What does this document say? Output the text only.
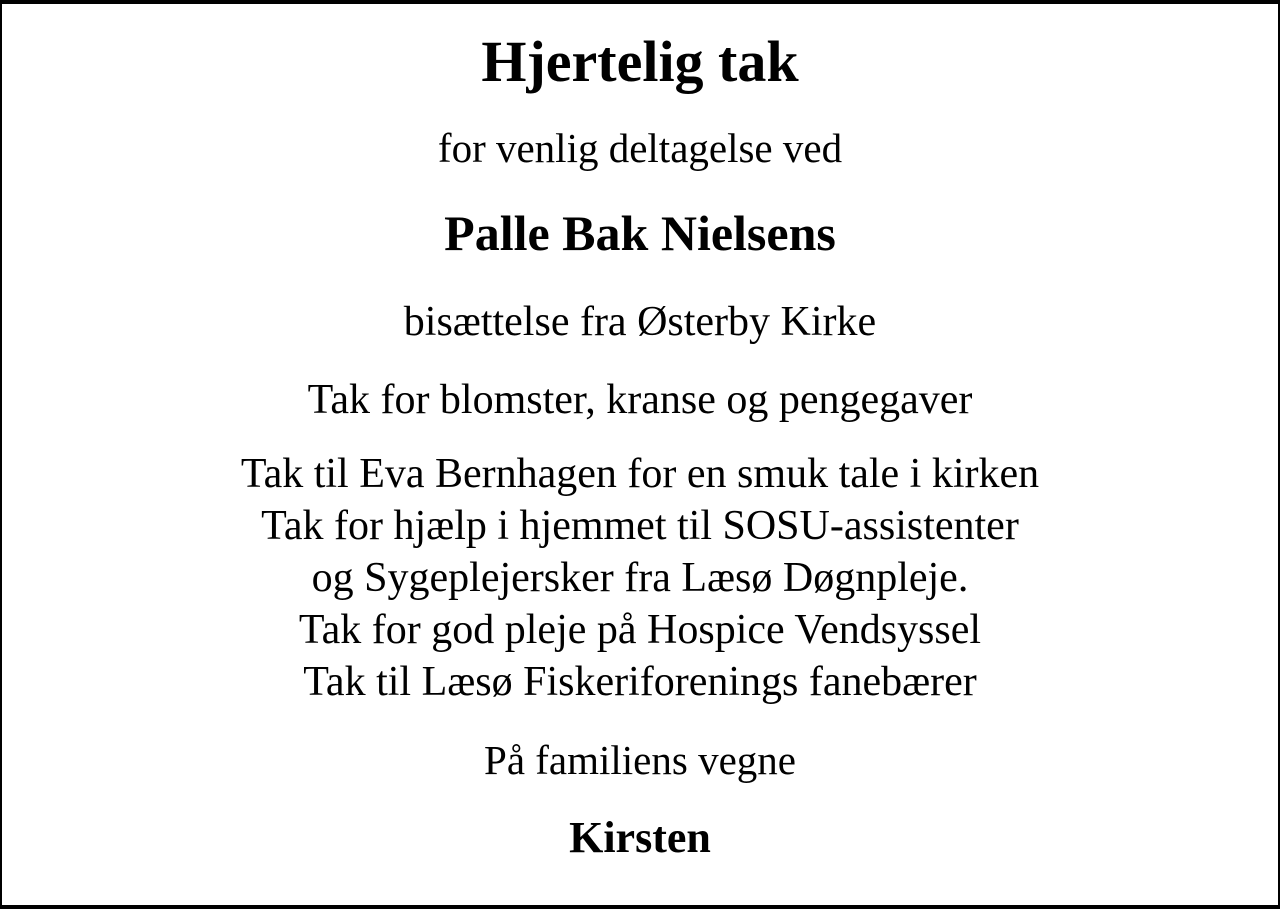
Hjertelig tak
for venlig deltagelse ved
Palle Bak Nielsens
bisættelse fra Østerby Kirke
Tak for blomster, kranse og pengegaver
Tak til Eva Bernhagen for en smuk tale i kirken
Tak for hjælp i hjemmet til SOSU-assistenter
og Sygeplejersker fra Læsø Døgnpleje.
Tak for god pleje på Hospice Vendsyssel
Tak til Læsø Fiskeriforenings fanebærer
På familiens vegne
Kirsten
